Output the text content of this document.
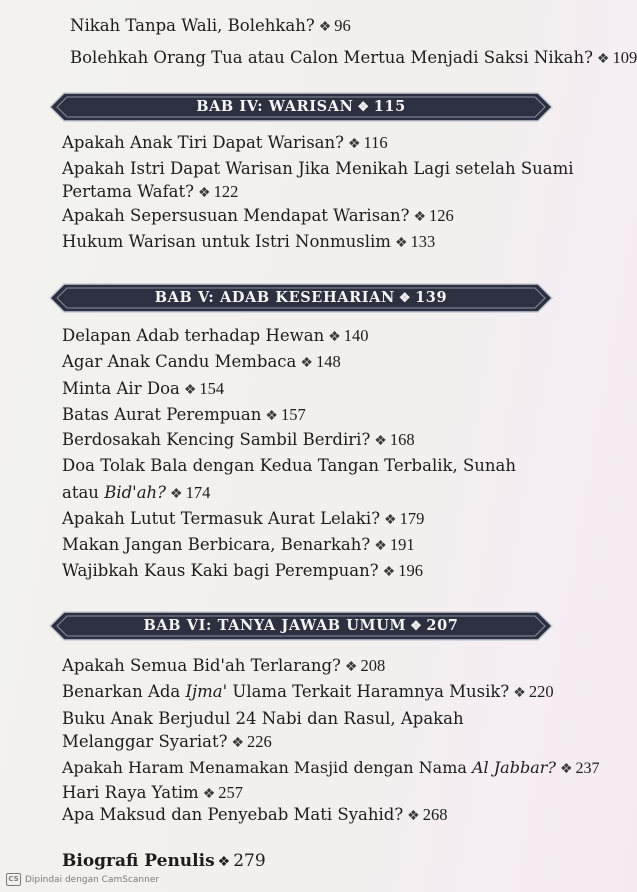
Nikah Tanpa Wali, Bolehkah? ❖ 96
Bolehkah Orang Tua atau Calon Mertua Menjadi Saksi Nikah? ❖ 109
BAB IV: WARISAN ❖ 115
Apakah Anak Tiri Dapat Warisan? ❖ 116
Apakah Istri Dapat Warisan Jika Menikah Lagi setelah Suami
Pertama Wafat? ❖ 122
Apakah Sepersusuan Mendapat Warisan? ❖ 126
Hukum Warisan untuk Istri Nonmuslim ❖ 133
BAB V: ADAB KESEHARIAN ❖ 139
Delapan Adab terhadap Hewan ❖ 140
Agar Anak Candu Membaca ❖ 148
Minta Air Doa ❖ 154
Batas Aurat Perempuan ❖ 157
Berdosakah Kencing Sambil Berdiri? ❖ 168
Doa Tolak Bala dengan Kedua Tangan Terbalik, Sunah
atau Bid'ah? ❖ 174
Apakah Lutut Termasuk Aurat Lelaki? ❖ 179
Makan Jangan Berbicara, Benarkah? ❖ 191
Wajibkah Kaus Kaki bagi Perempuan? ❖ 196
BAB VI: TANYA JAWAB UMUM ❖ 207
Apakah Semua Bid'ah Terlarang? ❖ 208
Benarkan Ada Ijma' Ulama Terkait Haramnya Musik? ❖ 220
Buku Anak Berjudul 24 Nabi dan Rasul, Apakah
Melanggar Syariat? ❖ 226
Apakah Haram Menamakan Masjid dengan Nama Al Jabbar? ❖ 237
Hari Raya Yatim ❖ 257
Apa Maksud dan Penyebab Mati Syahid? ❖ 268
Biografi Penulis ❖ 279
CS Dipindai dengan CamScanner
